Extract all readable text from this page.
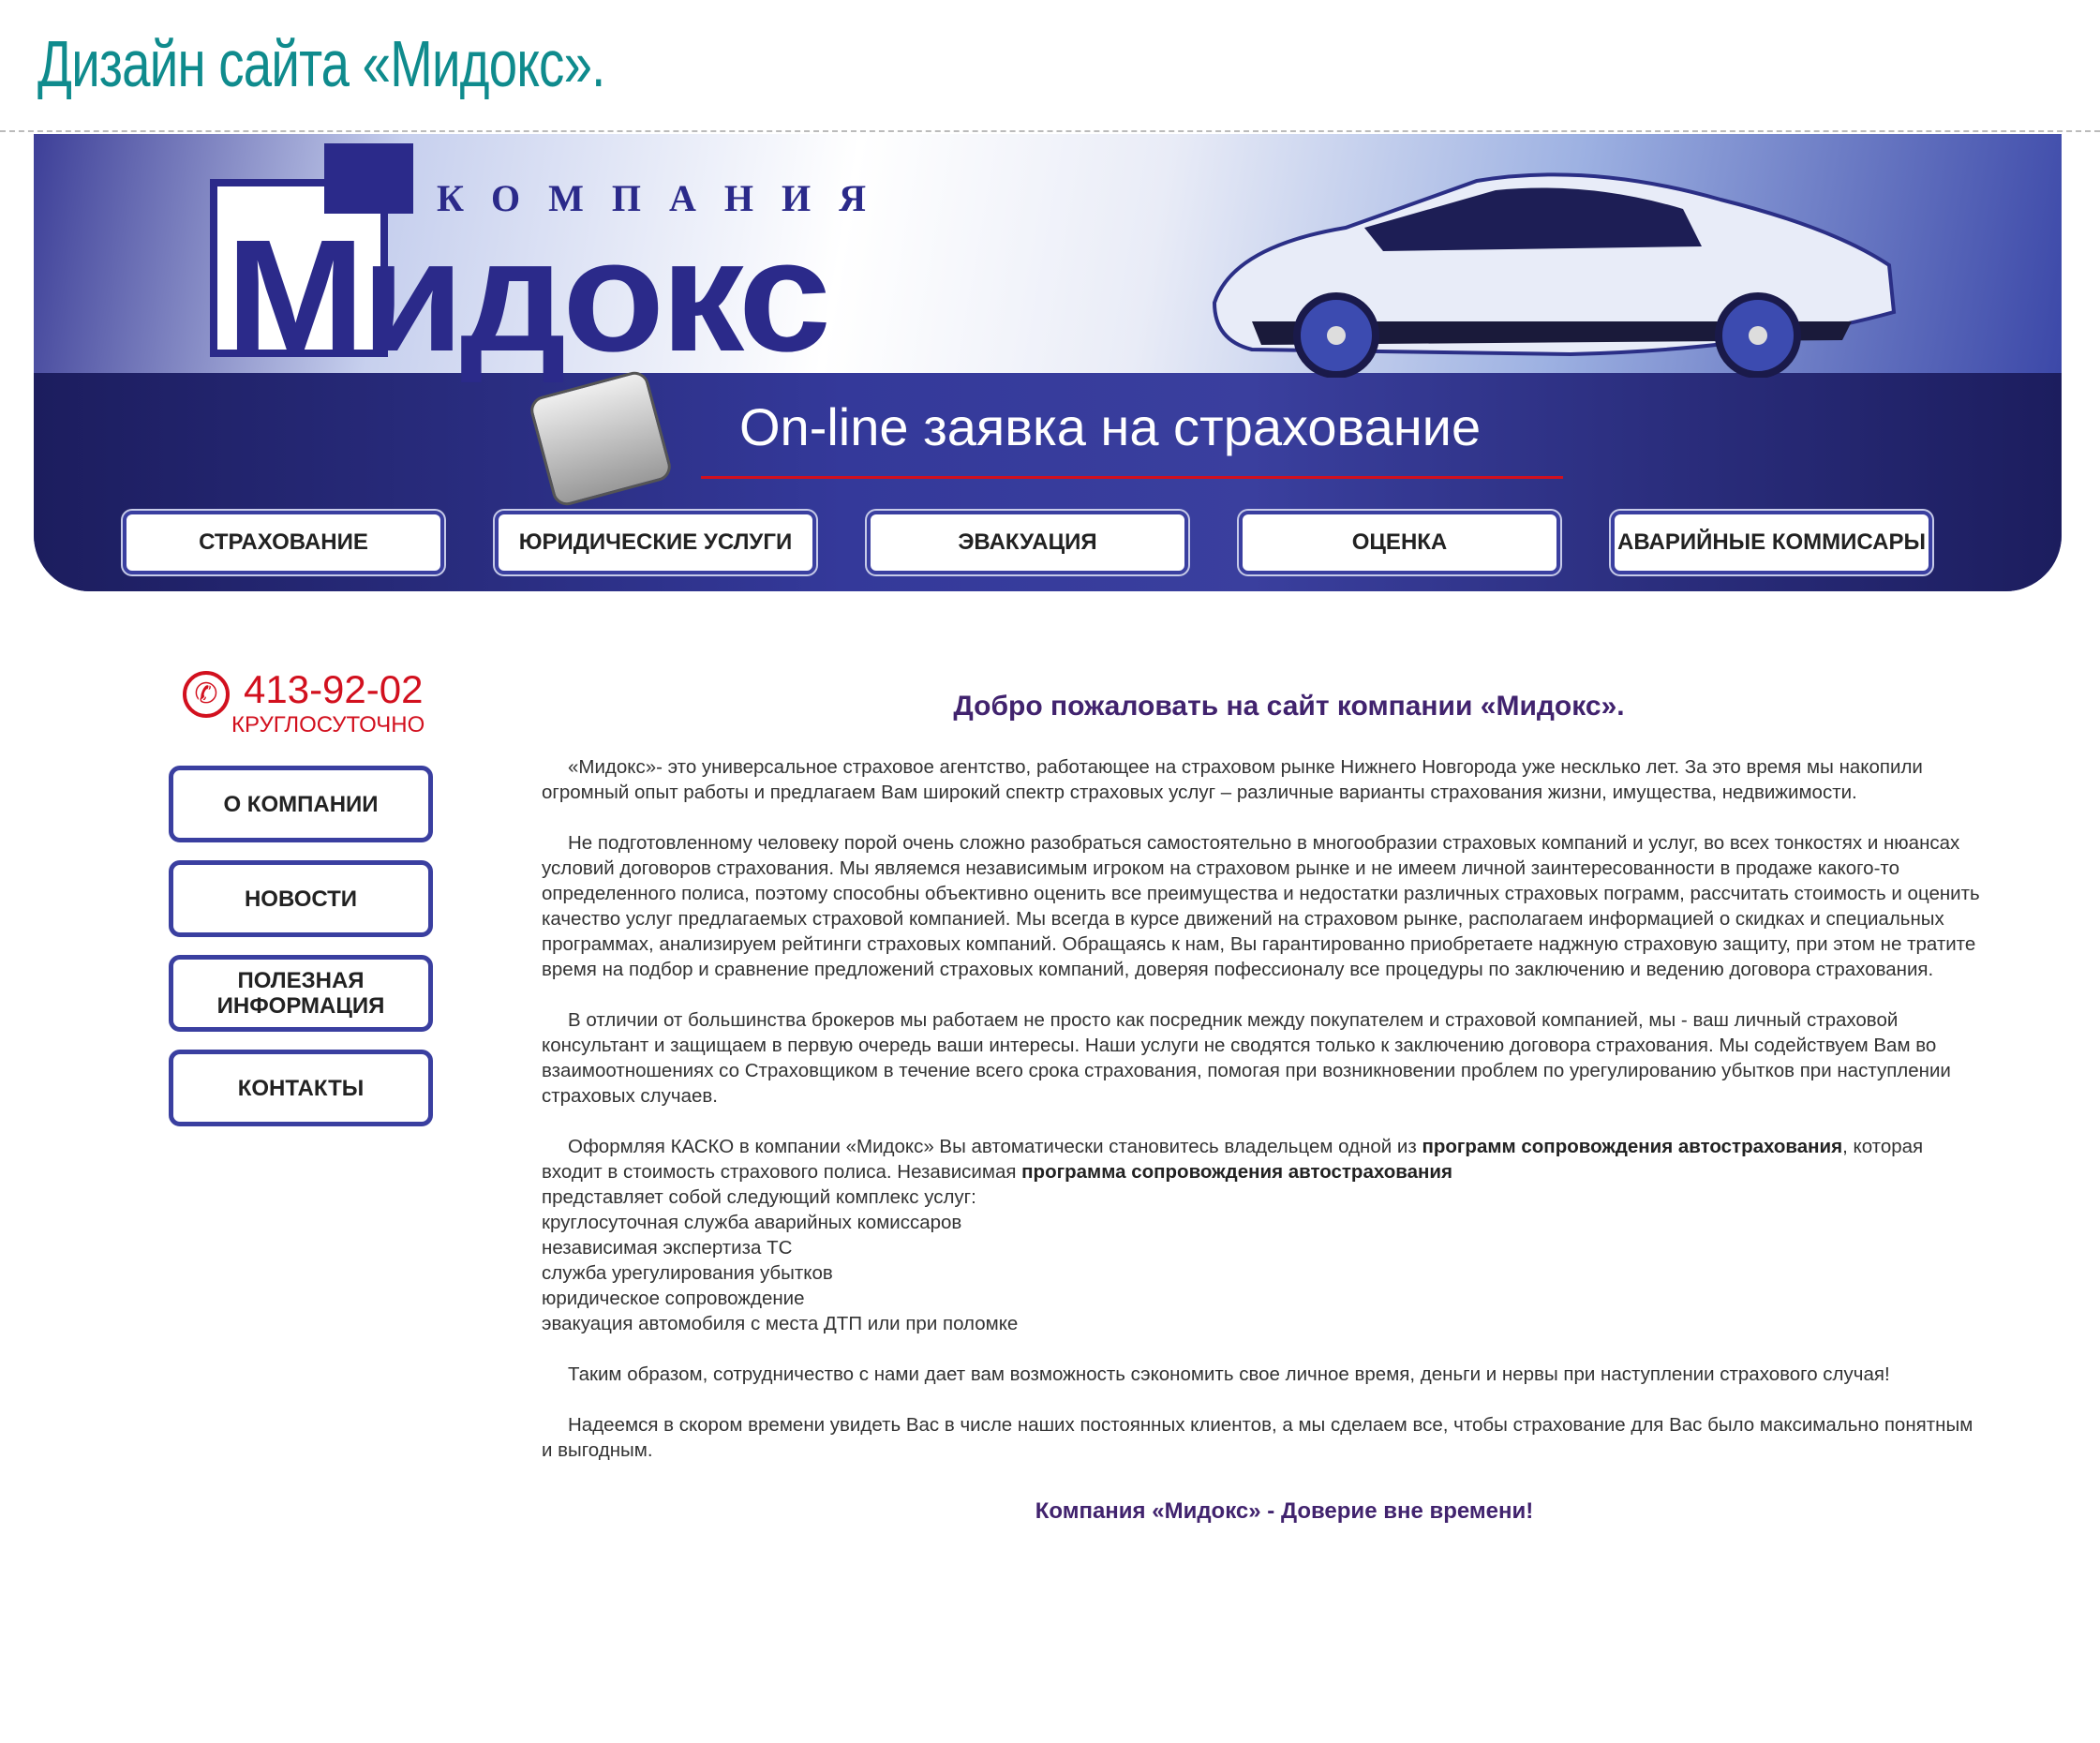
Дизайн сайта «Мидокс».
КОМПАНИЯ
Мидокс
On-line заявка на страхование
СТРАХОВАНИЕ	ЮРИДИЧЕСКИЕ УСЛУГИ	ЭВАКУАЦИЯ	ОЦЕНКА	АВАРИЙНЫЕ КОММИСАРЫ
✆ 413-92-02
КРУГЛОСУТОЧНО
О КОМПАНИИ
НОВОСТИ
ПОЛЕЗНАЯ ИНФОРМАЦИЯ
КОНТАКТЫ
Добро пожаловать на сайт компании «Мидокс».

«Мидокс»- это универсальное страховое агентство, работающее на страховом рынке Нижнего Новгорода уже несклько лет. За это время мы накопили огромный опыт работы и предлагаем Вам широкий спектр страховых услуг – различные варианты страхования жизни, имущества, недвижимости.

Не подготовленному человеку порой очень сложно разобраться самостоятельно в многообразии страховых компаний и услуг, во всех тонкостях и нюансах условий договоров страхования. Мы являемся независимым игроком на страховом рынке и не имеем личной заинтересованности в продаже какого-то определенного полиса, поэтому способны объективно оценить все преимущества и недостатки различных страховых пограмм, рассчитать стоимость и оценить качество услуг предлагаемых страховой компанией. Мы всегда в курсе движений на страховом рынке, располагаем информацией о скидках и специальных программах, анализируем рейтинги страховых компаний. Обращаясь к нам, Вы гарантированно приобретаете наджную страховую защиту, при этом не тратите время на подбор и сравнение предложений страховых компаний, доверяя пофессионалу все процедуры по заключению и ведению договора страхования.

В отличии от большинства брокеров мы работаем не просто как посредник между покупателем и страховой компанией, мы - ваш личный страховой консультант и защищаем в первую очередь ваши интересы. Наши услуги не сводятся только к заключению договора страхования. Мы содействуем Вам во взаимоотношениях со Страховщиком в течение всего срока страхования, помогая при возникновении проблем по урегулированию убытков при наступлении страховых случаев.

Оформляя КАСКО в компании «Мидокс» Вы автоматически становитесь владельцем одной из программ сопровождения автострахования, которая входит в стоимость страхового полиса. Независимая программа сопровождения автострахования

представляет собой следующий комплекс услуг:
круглосуточная служба аварийных комиссаров
независимая экспертиза ТС
служба урегулирования убытков
юридическое сопровождение
эвакуация автомобиля с места ДТП или при поломке

Таким образом, сотрудничество с нами дает вам возможность сэкономить свое личное время, деньги и нервы при наступлении страхового случая!

Надеемся в скором времени увидеть Вас в числе наших постоянных клиентов, а мы сделаем все, чтобы страхование для Вас было максимально понятным и выгодным.

Компания «Мидокс» - Доверие вне времени!
